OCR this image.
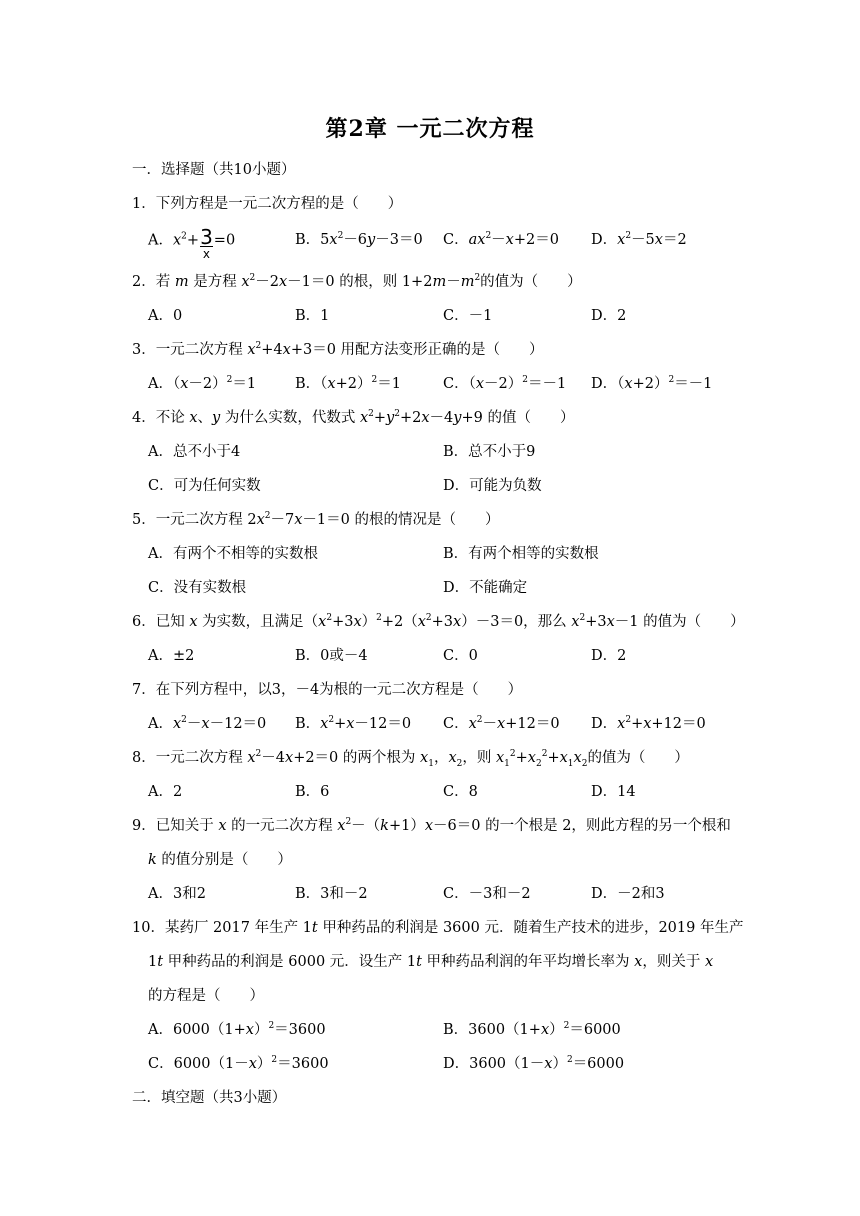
第2章 一元二次方程
一．选择题（共10小题）
1．下列方程是一元二次方程的是（　　）
A．$x^2+ \frac{3}{x} =0$	B．$5x^2-6y-3=0$ C．$ax^2-x+2=0$ D．$x^2-5x=2$
2．若 m 是方程 $x^2-2x-1=0$ 的根，则 $1+2m-m^2$的值为（　　）
A．0	B．1	C．－1	D．2
3．一元二次方程 $x^2+4x+3=0$ 用配方法变形正确的是（　　）
A．$(x-2)^2=1$	B．$(x+2)^2=1$	C．$(x-2)^2=-1$ D．$(x+2)^2=-1$
4．不论 x、y 为什么实数，代数式 $x^2+y^2+2x-4y+9$ 的值（　　）
A．总不小于4	B．总不小于9
C．可为任何实数	D．可能为负数
5．一元二次方程 $2x^2-7x-1=0$ 的根的情况是（　　）
A．有两个不相等的实数根	B．有两个相等的实数根
C．没有实数根	D．不能确定
6．已知 x 为实数，且满足$(x^2+3x)^2+2(x^2+3x)-3=0$，那么 $x^2+3x-1$ 的值为（　　）
A．±2	B．0或－4	C．0	D．2
7．在下列方程中，以3，－4为根的一元二次方程是（　　）
A．$x^2-x-12=0$ B．$x^2+x-12=0$ C．$x^2-x+12=0$ D．$x^2+x+12=0$
8．一元二次方程 $x^2-4x+2=0$ 的两个根为 $x_1$，$x_2$，则 $x_1^2+x_2^2+x_1x_2$的值为（　　）
A．2	B．6	C．8	D．14
9．已知关于 x 的一元二次方程 $x^2-(k+1)x-6=0$ 的一个根是 2，则此方程的另一个根和
k 的值分别是（　　）
A．3和2	B．3和－2	C．－3和－2	D．－2和3
10．某药厂 2017 年生产 1t 甲种药品的利润是 3600 元．随着生产技术的进步，2019 年生产
1t 甲种药品的利润是 6000 元．设生产 1t 甲种药品利润的年平均增长率为 x，则关于 x
的方程是（　　）
A．$6000(1+x)^2=3600$	B．$3600(1+x)^2=6000$
C．$6000(1-x)^2=3600$	D．$3600(1-x)^2=6000$
二．填空题（共3小题）
